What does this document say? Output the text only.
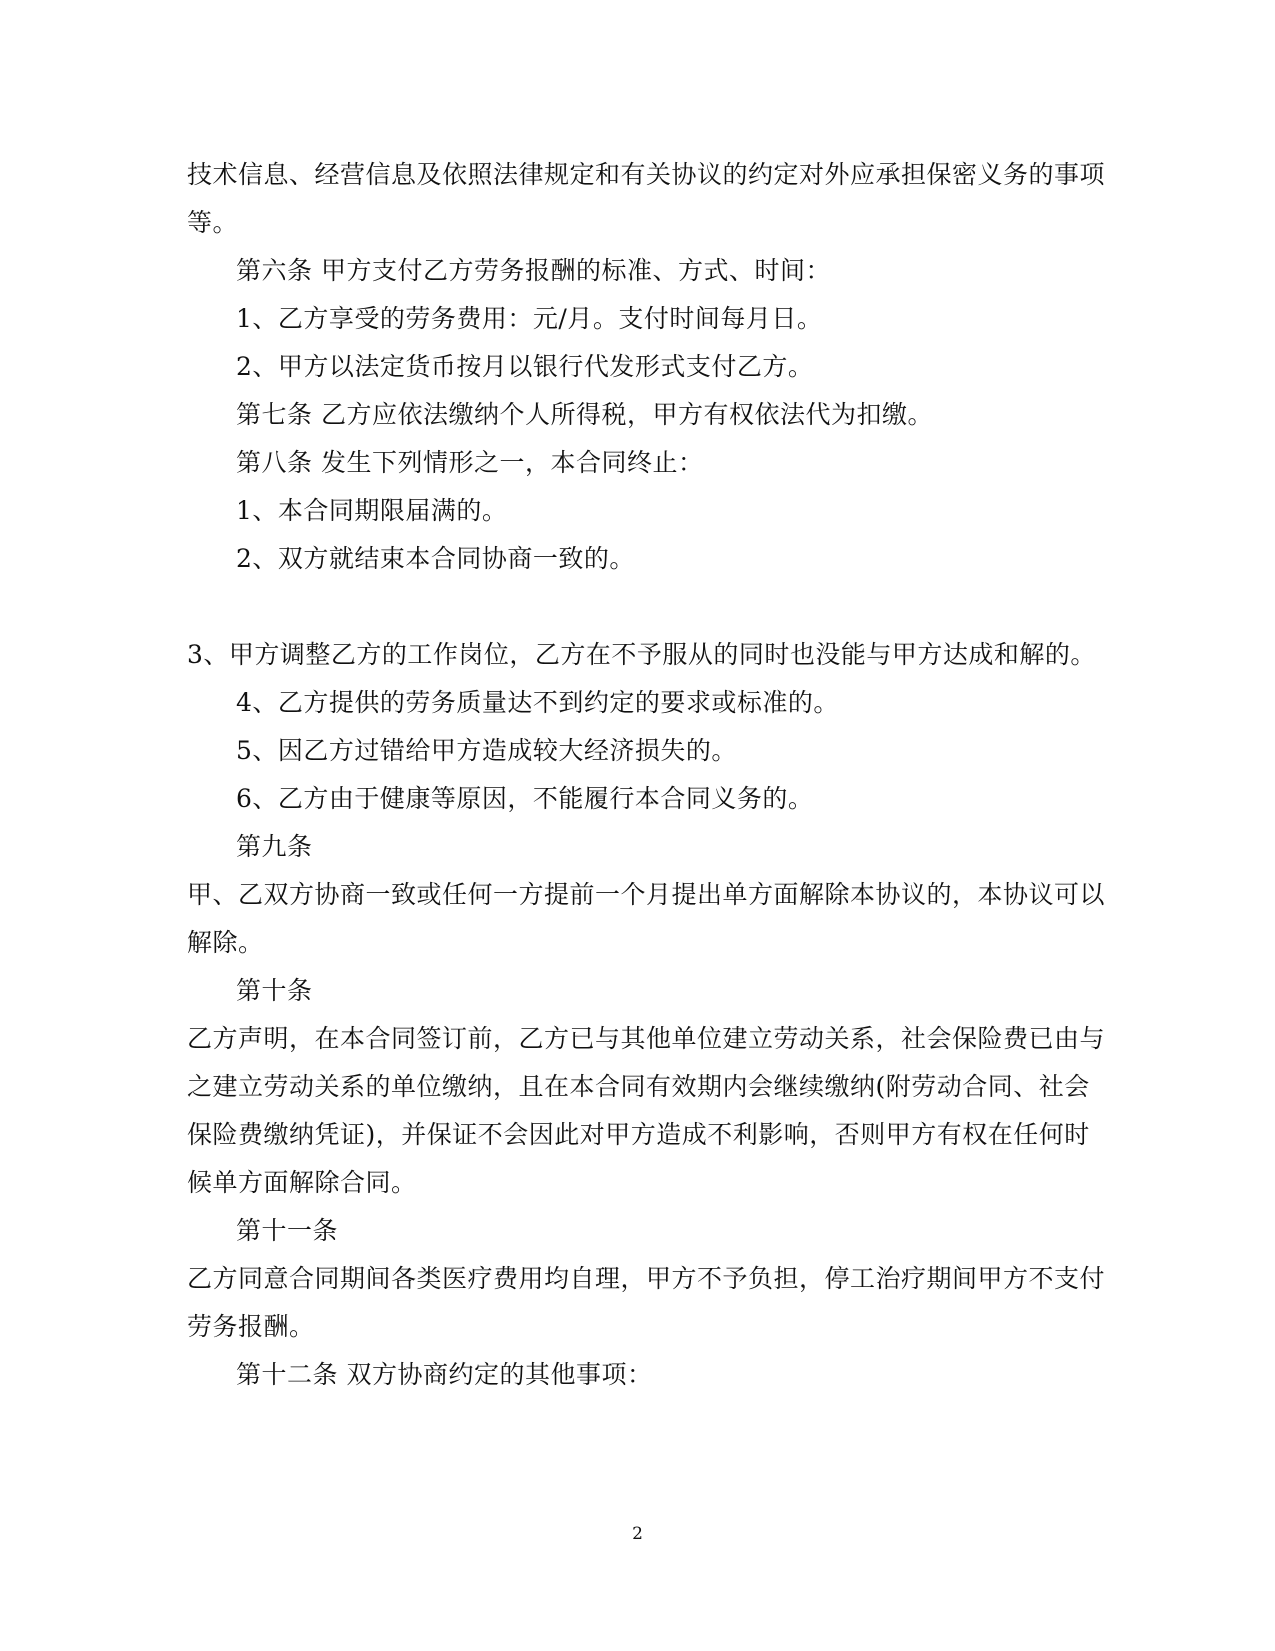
技术信息、经营信息及依照法律规定和有关协议的约定对外应承担保密义务的事项
等。
第六条 甲方支付乙方劳务报酬的标准、方式、时间：
1、乙方享受的劳务费用：元/月。支付时间每月日。
2、甲方以法定货币按月以银行代发形式支付乙方。
第七条 乙方应依法缴纳个人所得税，甲方有权依法代为扣缴。
第八条 发生下列情形之一，本合同终止：
1、本合同期限届满的。
2、双方就结束本合同协商一致的。
3、甲方调整乙方的工作岗位，乙方在不予服从的同时也没能与甲方达成和解的。
4、乙方提供的劳务质量达不到约定的要求或标准的。
5、因乙方过错给甲方造成较大经济损失的。
6、乙方由于健康等原因，不能履行本合同义务的。
第九条
甲、乙双方协商一致或任何一方提前一个月提出单方面解除本协议的，本协议可以
解除。
第十条
乙方声明，在本合同签订前，乙方已与其他单位建立劳动关系，社会保险费已由与
之建立劳动关系的单位缴纳，且在本合同有效期内会继续缴纳(附劳动合同、社会
保险费缴纳凭证)，并保证不会因此对甲方造成不利影响，否则甲方有权在任何时
候单方面解除合同。
第十一条
乙方同意合同期间各类医疗费用均自理，甲方不予负担，停工治疗期间甲方不支付
劳务报酬。
第十二条 双方协商约定的其他事项：
2
